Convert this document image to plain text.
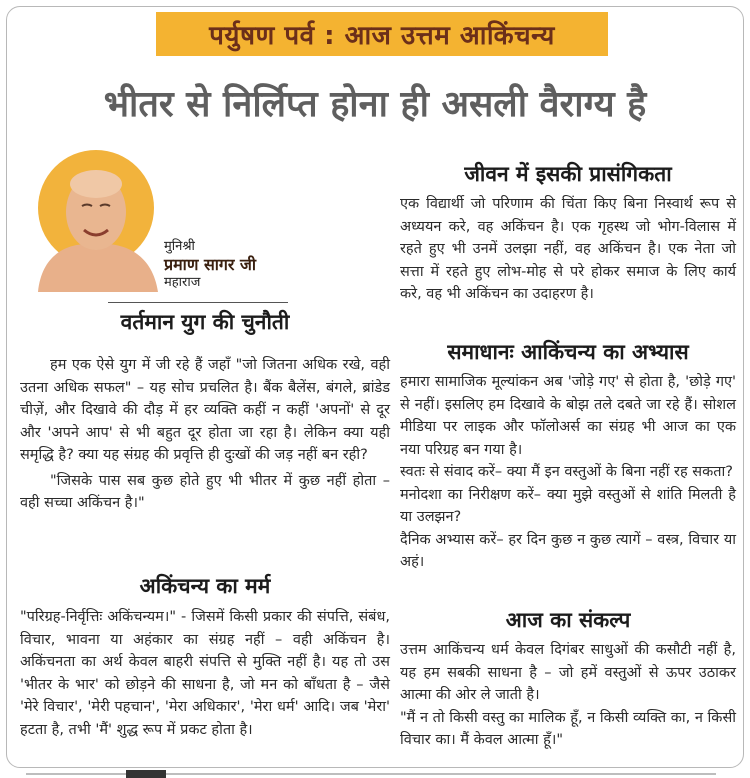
पर्युषण पर्व : आज उत्तम आकिंचन्य
भीतर से निर्लिप्त होना ही असली वैराग्य है
मुनिश्री
प्रमाण सागर जी
महाराज
वर्तमान युग की चुनौती

हम एक ऐसे युग में जी रहे हैं जहाँ "जो जितना अधिक रखे, वही उतना अधिक सफल" – यह सोच प्रचलित है। बैंक बैलेंस, बंगले, ब्रांडेड चीज़ें, और दिखावे की दौड़ में हर व्यक्ति कहीं न कहीं 'अपनों' से दूर और 'अपने आप' से भी बहुत दूर होता जा रहा है। लेकिन क्या यही समृद्धि है? क्या यह संग्रह की प्रवृत्ति ही दुःखों की जड़ नहीं बन रही?

"जिसके पास सब कुछ होते हुए भी भीतर में कुछ नहीं होता – वही सच्चा अकिंचन है।"

अकिंचन्य का मर्म

"परिग्रह-निर्वृत्तिः अकिंचन्यम।" - जिसमें किसी प्रकार की संपत्ति, संबंध, विचार, भावना या अहंकार का संग्रह नहीं – वही अकिंचन है। अकिंचनता का अर्थ केवल बाहरी संपत्ति से मुक्ति नहीं है। यह तो उस 'भीतर के भार' को छोड़ने की साधना है, जो मन को बाँधता है – जैसे 'मेरे विचार', 'मेरी पहचान', 'मेरा अधिकार', 'मेरा धर्म' आदि। जब 'मेरा' हटता है, तभी 'मैं' शुद्ध रूप में प्रकट होता है।

जीवन में इसकी प्रासंगिकता

एक विद्यार्थी जो परिणाम की चिंता किए बिना निस्वार्थ रूप से अध्ययन करे, वह अकिंचन है। एक गृहस्थ जो भोग-विलास में रहते हुए भी उनमें उलझा नहीं, वह अकिंचन है। एक नेता जो सत्ता में रहते हुए लोभ-मोह से परे होकर समाज के लिए कार्य करे, वह भी अकिंचन का उदाहरण है।

समाधानः आकिंचन्य का अभ्यास

हमारा सामाजिक मूल्यांकन अब 'जोड़े गए' से होता है, 'छोड़े गए' से नहीं। इसलिए हम दिखावे के बोझ तले दबते जा रहे हैं। सोशल मीडिया पर लाइक और फॉलोअर्स का संग्रह भी आज का एक नया परिग्रह बन गया है।

स्वतः से संवाद करें– क्या मैं इन वस्तुओं के बिना नहीं रह सकता?

मनोदशा का निरीक्षण करें– क्या मुझे वस्तुओं से शांति मिलती है या उलझन?

दैनिक अभ्यास करें– हर दिन कुछ न कुछ त्यागें – वस्त्र, विचार या अहं।

आज का संकल्प

उत्तम आकिंचन्य धर्म केवल दिगंबर साधुओं की कसौटी नहीं है, यह हम सबकी साधना है – जो हमें वस्तुओं से ऊपर उठाकर आत्मा की ओर ले जाती है।

"मैं न तो किसी वस्तु का मालिक हूँ, न किसी व्यक्ति का, न किसी विचार का। मैं केवल आत्मा हूँ।"
